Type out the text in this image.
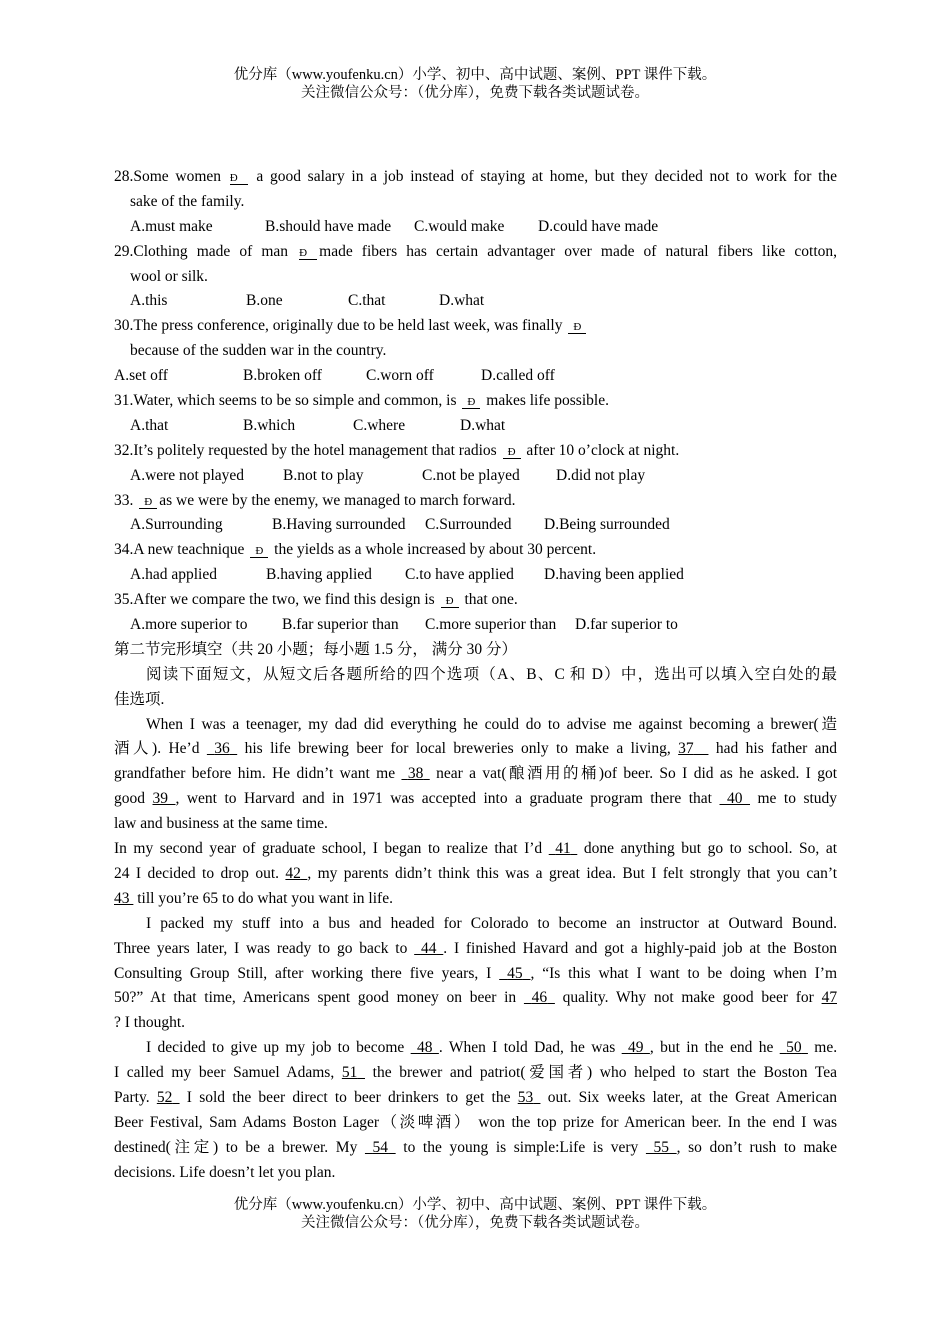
优分库（www.youfenku.cn）小学、初中、高中试题、案例、PPT 课件下载。
关注微信公众号：（优分库），免费下载各类试题试卷。
28.Some women Đ a good salary in a job instead of staying at home, but they decided not to work for the
sake of the family.
A.must make	B.should have made C.would make D.could have made
29.Clothing made of man Đ made fibers has certain advantager over made of natural fibers like cotton,
wool or silk.
A.this	B.one	C.that	D.what
30.The press conference, originally due to be held last week, was finally Đ
because of the sudden war in the country.
A.set off	B.broken off	C.worn off	D.called off
31.Water, which seems to be so simple and common, is Đ makes life possible.
A.that	B.which	C.where	D.what
32.It’s politely requested by the hotel management that radios Đ after 10 o’clock at night.
A.were not played	B.not to play	C.not be played D.did not play
33. Đ as we were by the enemy, we managed to march forward.
A.Surrounding	B.Having surrounded C.Surrounded D.Being surrounded
34.A new teachnique Đ the yields as a whole increased by about 30 percent.
A.had applied	B.having applied C.to have applied D.having been applied
35.After we compare the two, we find this design is Đ that one.
A.more superior to B.far superior than C.more superior than D.far superior to
第二节完形填空（共 20 小题；每小题 1.5 分， 满分 30 分）
阅读下面短文，从短文后各题所给的四个选项（A、B、C 和 D）中，选出可以填入空白处的最
佳选项.
When I was a teenager, my dad did everything he could do to advise me against becoming a brewer(造
酒人). He’d 36 his life brewing beer for local breweries only to make a living, 37 had his father and
grandfather before him. He didn’t want me 38 near a vat(酿酒用的桶)of beer. So I did as he asked. I got
good 39 , went to Harvard and in 1971 was accepted into a graduate program there that 40 me to study
law and business at the same time.
In my second year of graduate school, I began to realize that I’d 41 done anything but go to school. So, at
24 I decided to drop out. 42 , my parents didn’t think this was a great idea. But I felt strongly that you can’t
43 till you’re 65 to do what you want in life.
I packed my stuff into a bus and headed for Colorado to become an instructor at Outward Bound.
Three years later, I was ready to go back to 44 . I finished Havard and got a highly-paid job at the Boston
Consulting Group Still, after working there five years, I 45 , “Is this what I want to be doing when I’m
50?” At that time, Americans spent good money on beer in 46 quality. Why not make good beer for 47
? I thought.
I decided to give up my job to become 48 . When I told Dad, he was 49 , but in the end he 50 me.
I called my beer Samuel Adams, 51 the brewer and patriot(爱国者) who helped to start the Boston Tea
Party. 52 I sold the beer direct to beer drinkers to get the 53 out. Six weeks later, at the Great American
Beer Festival, Sam Adams Boston Lager（淡啤酒） won the top prize for American beer. In the end I was
destined(注定) to be a brewer. My 54 to the young is simple:Life is very 55 , so don’t rush to make
decisions. Life doesn’t let you plan.
优分库（www.youfenku.cn）小学、初中、高中试题、案例、PPT 课件下载。
关注微信公众号：（优分库），免费下载各类试题试卷。
